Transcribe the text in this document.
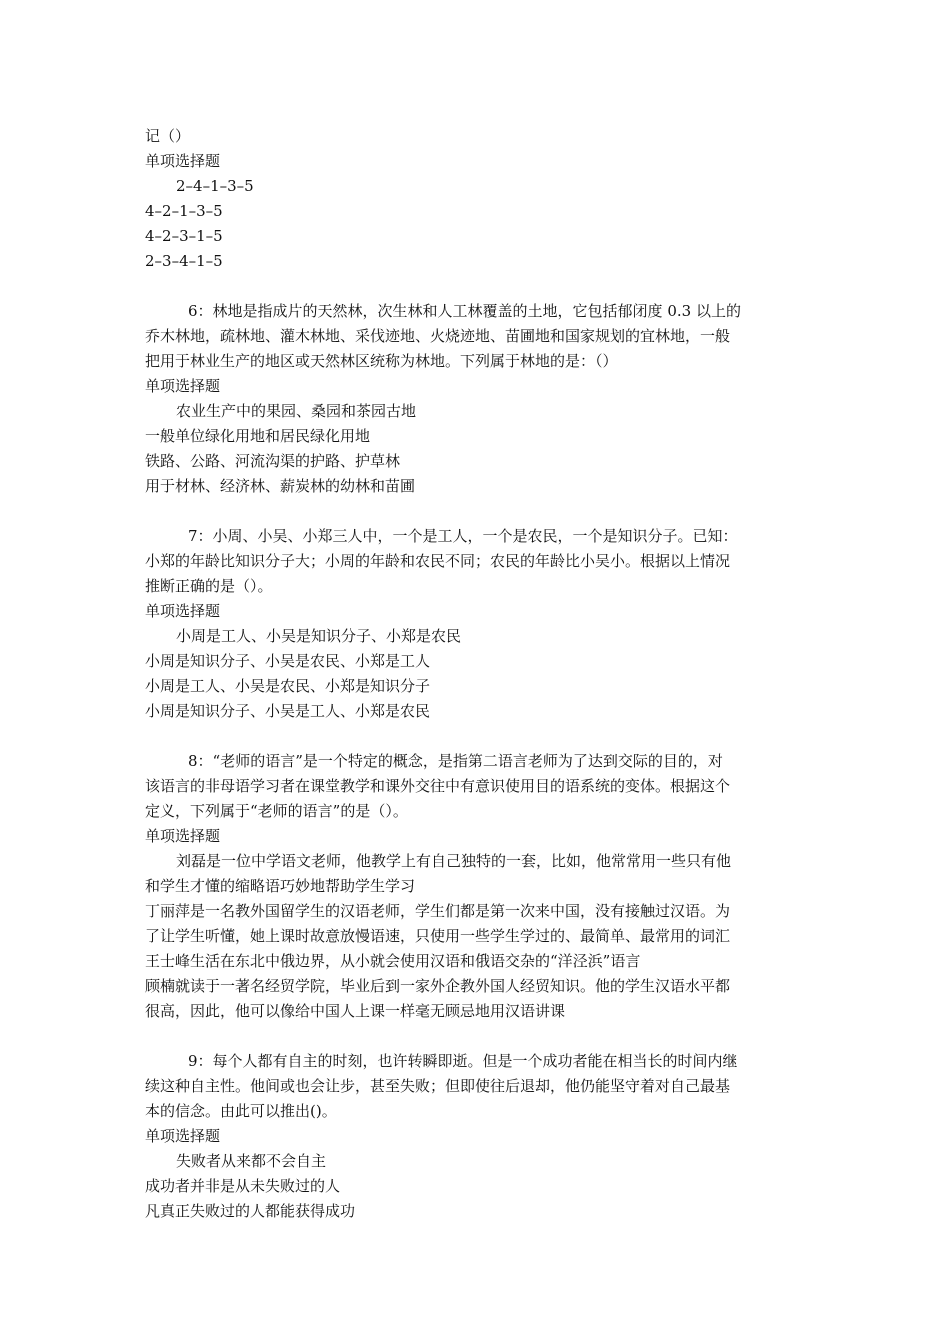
记（）
单项选择题
2–4–1–3–5
4–2–1–3–5
4–2–3–1–5
2–3–4–1–5
6：林地是指成片的天然林，次生林和人工林覆盖的土地，它包括郁闭度 0.3 以上的
乔木林地，疏林地、灌木林地、采伐迹地、火烧迹地、苗圃地和国家规划的宜林地，一般
把用于林业生产的地区或天然林区统称为林地。下列属于林地的是：（）
单项选择题
农业生产中的果园、桑园和茶园古地
一般单位绿化用地和居民绿化用地
铁路、公路、河流沟渠的护路、护草林
用于材林、经济林、薪炭林的幼林和苗圃
7：小周、小吴、小郑三人中，一个是工人，一个是农民，一个是知识分子。已知：
小郑的年龄比知识分子大；小周的年龄和农民不同；农民的年龄比小吴小。根据以上情况
推断正确的是（）。
单项选择题
小周是工人、小吴是知识分子、小郑是农民
小周是知识分子、小吴是农民、小郑是工人
小周是工人、小吴是农民、小郑是知识分子
小周是知识分子、小吴是工人、小郑是农民
8：“老师的语言”是一个特定的概念，是指第二语言老师为了达到交际的目的，对
该语言的非母语学习者在课堂教学和课外交往中有意识使用目的语系统的变体。根据这个
定义，下列属于“老师的语言”的是（）。
单项选择题
刘磊是一位中学语文老师，他教学上有自己独特的一套，比如，他常常用一些只有他
和学生才懂的缩略语巧妙地帮助学生学习
丁丽萍是一名教外国留学生的汉语老师，学生们都是第一次来中国，没有接触过汉语。为
了让学生听懂，她上课时故意放慢语速，只使用一些学生学过的、最简单、最常用的词汇
王士峰生活在东北中俄边界，从小就会使用汉语和俄语交杂的“洋泾浜”语言
顾楠就读于一著名经贸学院，毕业后到一家外企教外国人经贸知识。他的学生汉语水平都
很高，因此，他可以像给中国人上课一样毫无顾忌地用汉语讲课
9：每个人都有自主的时刻，也许转瞬即逝。但是一个成功者能在相当长的时间内继
续这种自主性。他间或也会让步，甚至失败；但即使往后退却，他仍能坚守着对自己最基
本的信念。由此可以推出()。
单项选择题
失败者从来都不会自主
成功者并非是从未失败过的人
凡真正失败过的人都能获得成功
